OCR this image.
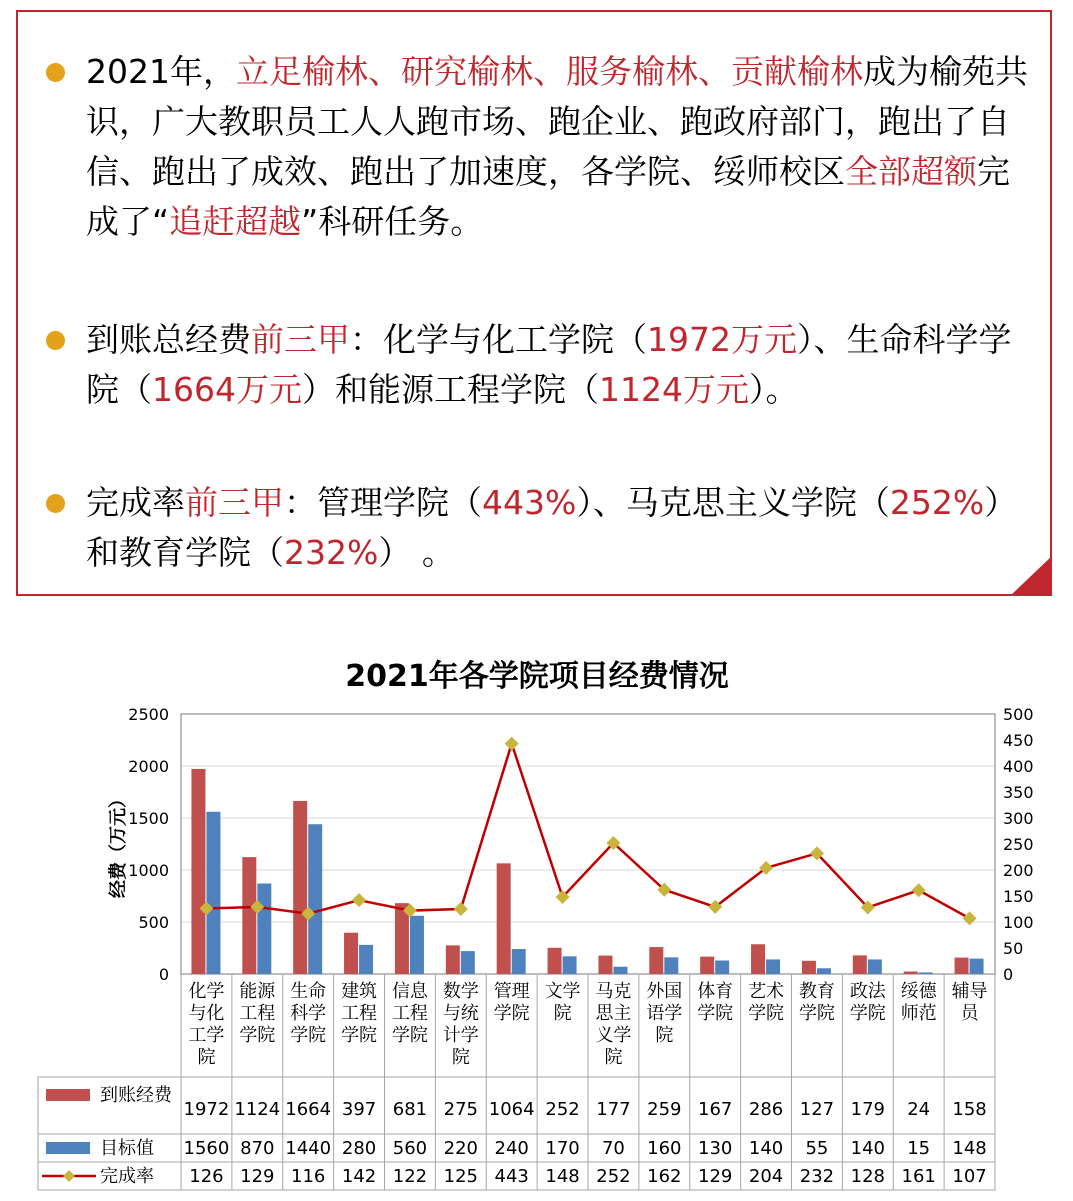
2021年，立足榆林、研究榆林、服务榆林、贡献榆林成为榆苑共识，广大教职员工人人跑市场、跑企业、跑政府部门，跑出了自信、跑出了成效、跑出了加速度，各学院、绥师校区全部超额完成了“追赶超越”科研任务。
到账总经费前三甲：化学与化工学院（1972万元）、生命科学学院（1664万元）和能源工程学院（1124万元）。
完成率前三甲：管理学院（443%）、马克思主义学院（252%）和教育学院（232%） 。
2021年各学院项目经费情况
0
500
1000
1500
2000
2500
0
50
100
150
200
250
300
350
400
450
500
经费（万元）
化学
与化
工学
院
能源
工程
学院
生命
科学
学院
建筑
工程
学院
信息
工程
学院
数学
与统
计学
院
管理
学院
文学
院
马克
思主
义学
院
外国
语学
院
体育
学院
艺术
学院
教育
学院
政法
学院
绥德
师范
辅导
员
到账经费
1972 1124 1664 397 681 275 1064 252 177 259 167 286 127 179 24 158
目标值 1560 870 1440 280 560 220 240 170 70 160 130 140 55 140 15 148
完成率 126 129 116 142 122 125 443 148 252 162 129 204 232 128 161 107
